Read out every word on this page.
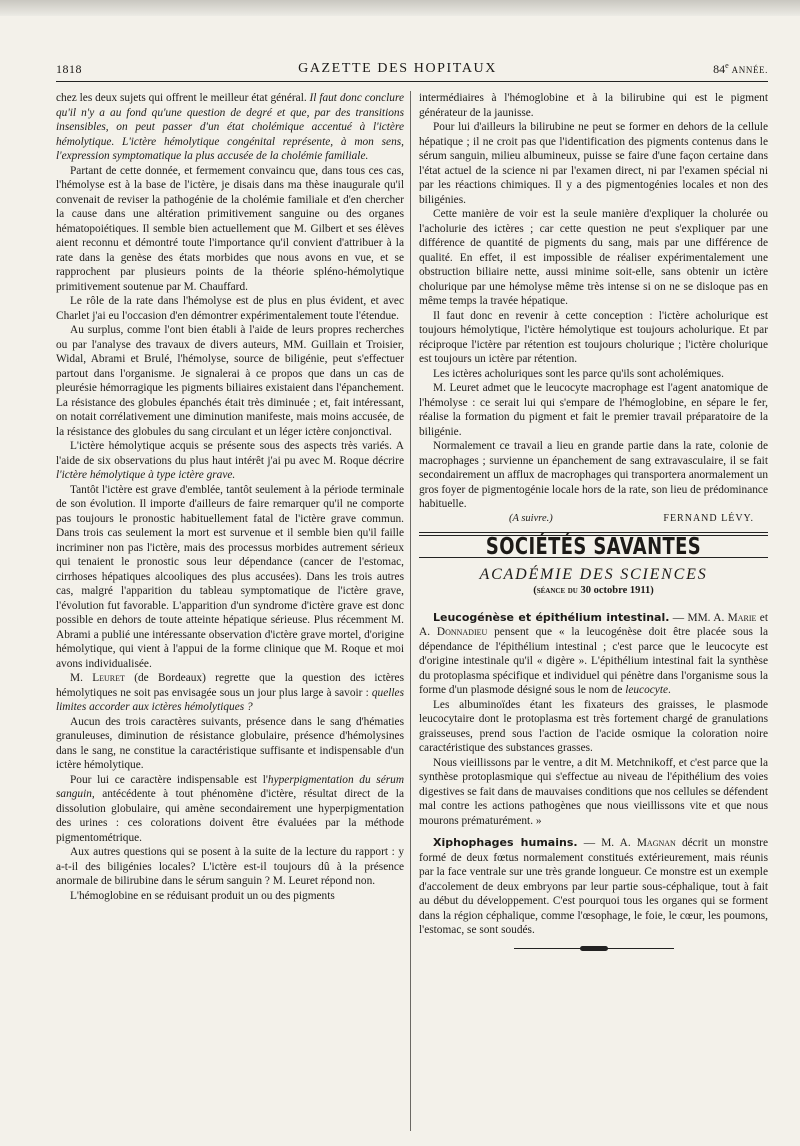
1818	GAZETTE DES HOPITAUX	84e ANNÉE.

chez les deux sujets qui offrent le meilleur état général. Il faut donc conclure qu'il n'y a au fond qu'une question de degré et que, par des transitions insensibles, on peut passer d'un état cholémique accentué à l'ictère hémolytique. L'ictère hémolytique congénital représente, à mon sens, l'expression symptomatique la plus accusée de la cholémie familiale.

Partant de cette donnée, et fermement convaincu que, dans tous ces cas, l'hémolyse est à la base de l'ictère, je disais dans ma thèse inaugurale qu'il convenait de reviser la pathogénie de la cholémie familiale et d'en chercher la cause dans une altération primitivement sanguine ou des organes hématopoiétiques. Il semble bien actuellement que M. Gilbert et ses élèves aient reconnu et démontré toute l'importance qu'il convient d'attribuer à la rate dans la genèse des états morbides que nous avons en vue, et se rapprochent par plusieurs points de la théorie spléno-hémolytique primitivement soutenue par M. Chauffard.

Le rôle de la rate dans l'hémolyse est de plus en plus évident, et avec Charlet j'ai eu l'occasion d'en démontrer expérimentalement toute l'étendue.

Au surplus, comme l'ont bien établi à l'aide de leurs propres recherches ou par l'analyse des travaux de divers auteurs, MM. Guillain et Troisier, Widal, Abrami et Brulé, l'hémolyse, source de biligénie, peut s'effectuer partout dans l'organisme. Je signalerai à ce propos que dans un cas de pleurésie hémorragique les pigments biliaires existaient dans l'épanchement. La résistance des globules épanchés était très diminuée ; et, fait intéressant, on notait corrélativement une diminution manifeste, mais moins accusée, de la résistance des globules du sang circulant et un léger ictère conjonctival.

L'ictère hémolytique acquis se présente sous des aspects très variés. A l'aide de six observations du plus haut intérêt j'ai pu avec M. Roque décrire l'ictère hémolytique à type ictère grave.

Tantôt l'ictère est grave d'emblée, tantôt seulement à la période terminale de son évolution. Il importe d'ailleurs de faire remarquer qu'il ne comporte pas toujours le pronostic habituellement fatal de l'ictère grave commun. Dans trois cas seulement la mort est survenue et il semble bien qu'il faille incriminer non pas l'ictère, mais des processus morbides autrement sérieux qui tenaient le pronostic sous leur dépendance (cancer de l'estomac, cirrhoses hépatiques alcooliques des plus accusées). Dans les trois autres cas, malgré l'apparition du tableau symptomatique de l'ictère grave, l'évolution fut favorable. L'apparition d'un syndrome d'ictère grave est donc possible en dehors de toute atteinte hépatique sérieuse. Plus récemment M. Abrami a publié une intéressante observation d'ictère grave mortel, d'origine hémolytique, qui vient à l'appui de la forme clinique que M. Roque et moi avons individualisée.

M. Leuret (de Bordeaux) regrette que la question des ictères hémolytiques ne soit pas envisagée sous un jour plus large à savoir : quelles limites accorder aux ictères hémolytiques ?

Aucun des trois caractères suivants, présence dans le sang d'hématies granuleuses, diminution de résistance globulaire, présence d'hémolysines dans le sang, ne constitue la caractéristique suffisante et indispensable d'un ictère hémolytique.

Pour lui ce caractère indispensable est l'hyperpigmentation du sérum sanguin, antécédente à tout phénomène d'ictère, résultat direct de la dissolution globulaire, qui amène secondairement une hyperpigmentation des urines : ces colorations doivent être évaluées par la méthode pigmentométrique.

Aux autres questions qui se posent à la suite de la lecture du rapport : y a-t-il des biligénies locales? L'ictère est-il toujours dû à la présence anormale de bilirubine dans le sérum sanguin ? M. Leuret répond non.

L'hémoglobine en se réduisant produit un ou des pigments

intermédiaires à l'hémoglobine et à la bilirubine qui est le pigment générateur de la jaunisse.

Pour lui d'ailleurs la bilirubine ne peut se former en dehors de la cellule hépatique ; il ne croit pas que l'identification des pigments contenus dans le sérum sanguin, milieu albumineux, puisse se faire d'une façon certaine dans l'état actuel de la science ni par l'examen direct, ni par l'examen spécial ni par les réactions chimiques. Il y a des pigmentogénies locales et non des biligénies.

Cette manière de voir est la seule manière d'expliquer la cholurée ou l'acholurie des ictères ; car cette question ne peut s'expliquer par une différence de quantité de pigments du sang, mais par une différence de qualité. En effet, il est impossible de réaliser expérimentalement une obstruction biliaire nette, aussi minime soit-elle, sans obtenir un ictère cholurique par une hémolyse même très intense si on ne se disloque pas en même temps la travée hépatique.

Il faut donc en revenir à cette conception : l'ictère acholurique est toujours hémolytique, l'ictère hémolytique est toujours acholurique. Et par réciproque l'ictère par rétention est toujours cholurique ; l'ictère cholurique est toujours un ictère par rétention.

Les ictères acholuriques sont les parce qu'ils sont acholémiques.

M. Leuret admet que le leucocyte macrophage est l'agent anatomique de l'hémolyse : ce serait lui qui s'empare de l'hémoglobine, en sépare le fer, réalise la formation du pigment et fait le premier travail préparatoire de la biligénie.

Normalement ce travail a lieu en grande partie dans la rate, colonie de macrophages ; survienne un épanchement de sang extravasculaire, il se fait secondairement un afflux de macrophages qui transportera anormalement un gros foyer de pigmentogénie locale hors de la rate, son lieu de prédominance habituelle.

(A suivre.)	FERNAND LÉVY.
SOCIÉTÉS SAVANTES
ACADÉMIE DES SCIENCES
(séance du 30 octobre 1911)

Leucogénèse et épithélium intestinal. — MM. A. Marie et A. Donnadieu pensent que « la leucogénèse doit être placée sous la dépendance de l'épithélium intestinal ; c'est parce que le leucocyte est d'origine intestinale qu'il « digère ». L'épithélium intestinal fait la synthèse du protoplasma spécifique et individuel qui pénètre dans l'organisme sous la forme d'un plasmode désigné sous le nom de leucocyte.

Les albuminoïdes étant les fixateurs des graisses, le plasmode leucocytaire dont le protoplasma est très fortement chargé de granulations graisseuses, prend sous l'action de l'acide osmique la coloration noire caractéristique des substances grasses.

Nous vieillissons par le ventre, a dit M. Metchnikoff, et c'est parce que la synthèse protoplasmique qui s'effectue au niveau de l'épithélium des voies digestives se fait dans de mauvaises conditions que nos cellules se défendent mal contre les actions pathogènes que nous vieillissons vite et que nous mourons prématurément. »

Xiphophages humains. — M. A. Magnan décrit un monstre formé de deux fœtus normalement constitués extérieurement, mais réunis par la face ventrale sur une très grande longueur. Ce monstre est un exemple d'accolement de deux embryons par leur partie sous-céphalique, tout à fait au début du développement. C'est pourquoi tous les organes qui se forment dans la région céphalique, comme l'œsophage, le foie, le cœur, les poumons, l'estomac, se sont soudés.
